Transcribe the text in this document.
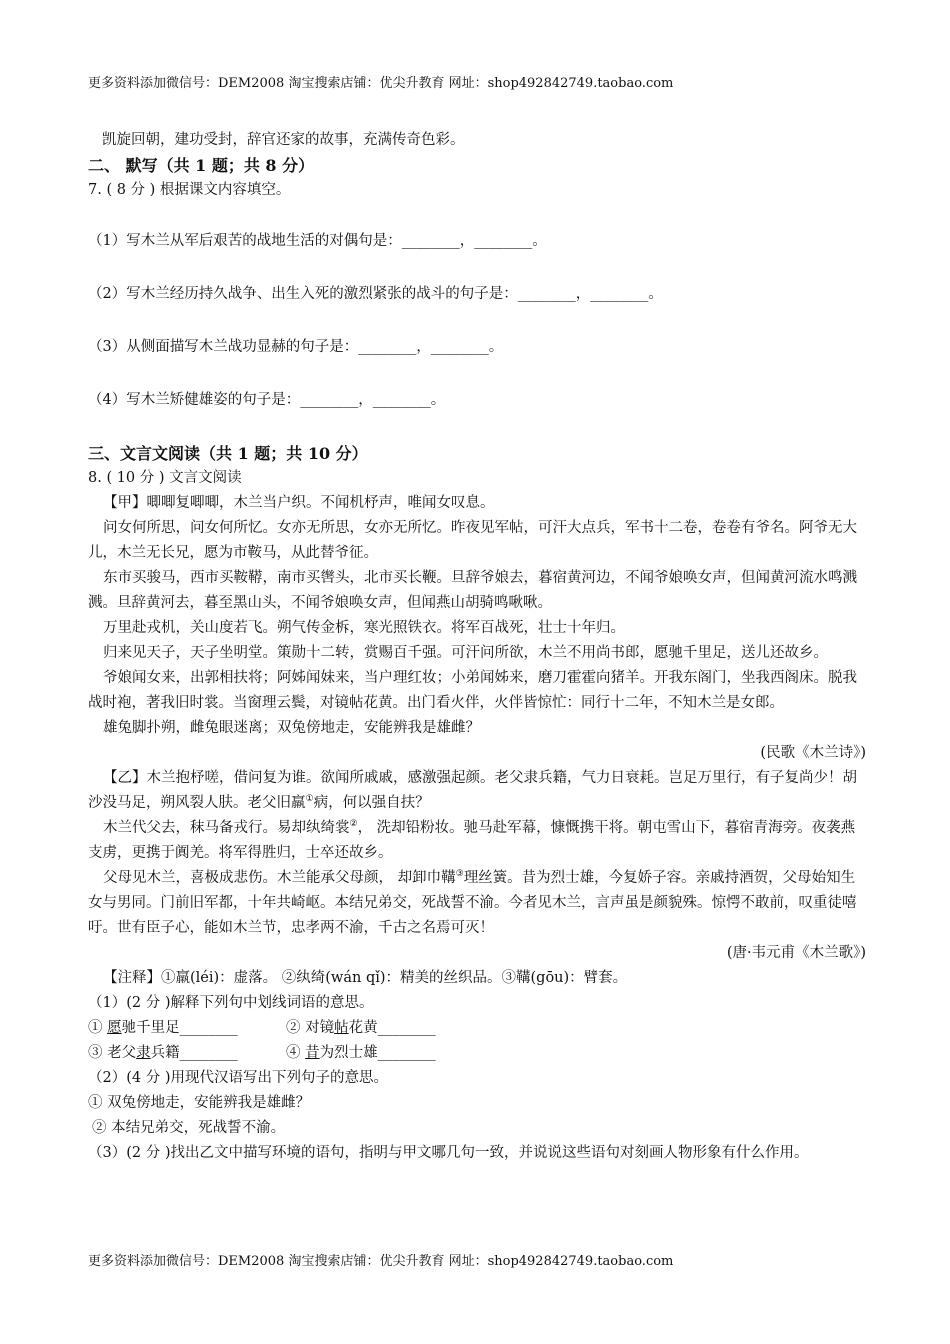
更多资料添加微信号：DEM2008 淘宝搜索店铺：优尖升教育 网址：shop492842749.taobao.com

凯旋回朝，建功受封，辞官还家的故事，充满传奇色彩。

二、 默写（共 1 题；共 8 分）

7. ( 8 分 ) 根据课文内容填空。

（1）写木兰从军后艰苦的战地生活的对偶句是：________，________。

（2）写木兰经历持久战争、出生入死的激烈紧张的战斗的句子是：________，________。

（3）从侧面描写木兰战功显赫的句子是：________，________。

（4）写木兰矫健雄姿的句子是：________，________。

三、文言文阅读（共 1 题；共 10 分）

8. ( 10 分 ) 文言文阅读

【甲】唧唧复唧唧，木兰当户织。不闻机杼声，唯闻女叹息。

问女何所思，问女何所忆。女亦无所思，女亦无所忆。昨夜见军帖，可汗大点兵，军书十二卷，卷卷有爷名。阿爷无大儿，木兰无长兄，愿为市鞍马，从此替爷征。

东市买骏马，西市买鞍鞯，南市买辔头，北市买长鞭。旦辞爷娘去，暮宿黄河边，不闻爷娘唤女声，但闻黄河流水鸣溅溅。旦辞黄河去，暮至黑山头，不闻爷娘唤女声，但闻燕山胡骑鸣啾啾。

万里赴戎机，关山度若飞。朔气传金柝，寒光照铁衣。将军百战死，壮士十年归。

归来见天子，天子坐明堂。策勋十二转，赏赐百千强。可汗问所欲，木兰不用尚书郎，愿驰千里足，送儿还故乡。

爷娘闻女来，出郭相扶将；阿姊闻妹来，当户理红妆；小弟闻姊来，磨刀霍霍向猪羊。开我东阁门，坐我西阁床。脱我战时袍，著我旧时裳。当窗理云鬓，对镜帖花黄。出门看火伴，火伴皆惊忙：同行十二年，不知木兰是女郎。

雄兔脚扑朔，雌兔眼迷离；双兔傍地走，安能辨我是雄雌？

(民歌《木兰诗》)

【乙】木兰抱杼嗟，借问复为谁。欲闻所戚戚，感激强起颜。老父隶兵籍，气力日衰耗。岂足万里行，有子复尚少！胡沙没马足，朔风裂人肤。老父旧羸①病，何以强自扶？

木兰代父去，秣马备戎行。易却纨绮裳②， 洗却铅粉妆。驰马赴军幕，慷慨携干将。朝屯雪山下，暮宿青海旁。夜袭燕支虏，更携于阗羌。将军得胜归，士卒还故乡。

父母见木兰，喜极成悲伤。木兰能承父母颜， 却卸巾鞲③理丝簧。昔为烈士雄，今复娇子容。亲戚持酒贺，父母始知生女与男同。门前旧军都，十年共崎岖。本结兄弟交，死战誓不渝。今者见木兰，言声虽是颜貌殊。惊愕不敢前，叹重徒嘻吁。世有臣子心，能如木兰节，忠孝两不渝，千古之名焉可灭！

(唐·韦元甫《木兰歌》)

【注释】①羸(léi)：虚落。 ②纨绮(wán qǐ)：精美的丝织品。③鞲(gōu)：臂套。

（1）(2 分 )解释下列句中划线词语的意思。

① 愿驰千里足________	② 对镜帖花黄________

③ 老父隶兵籍________	④ 昔为烈士雄________

（2）(4 分 )用现代汉语写出下列句子的意思。

① 双兔傍地走，安能辨我是雄雌？

② 本结兄弟交，死战誓不渝。

（3）(2 分 )找出乙文中描写环境的语句，指明与甲文哪几句一致，并说说这些语句对刻画人物形象有什么作用。

更多资料添加微信号：DEM2008 淘宝搜索店铺：优尖升教育 网址：shop492842749.taobao.com
